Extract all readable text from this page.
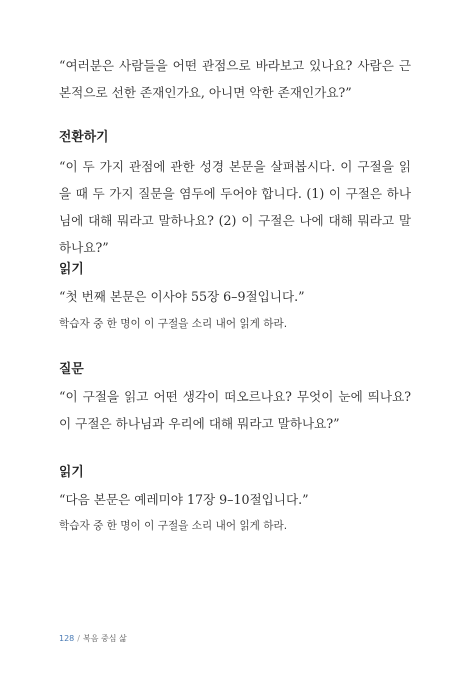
“여러분은 사람들을 어떤 관점으로 바라보고 있나요? 사람은 근본적으로 선한 존재인가요, 아니면 악한 존재인가요?”

전환하기

“이 두 가지 관점에 관한 성경 본문을 살펴봅시다. 이 구절을 읽을 때 두 가지 질문을 염두에 두어야 합니다. (1) 이 구절은 하나님에 대해 뭐라고 말하나요? (2) 이 구절은 나에 대해 뭐라고 말하나요?”

읽기

“첫 번째 본문은 이사야 55장 6–9절입니다.”

학습자 중 한 명이 이 구절을 소리 내어 읽게 하라.

질문

“이 구절을 읽고 어떤 생각이 떠오르나요? 무엇이 눈에 띄나요? 이 구절은 하나님과 우리에 대해 뭐라고 말하나요?”

읽기

“다음 본문은 예레미야 17장 9–10절입니다.”

학습자 중 한 명이 이 구절을 소리 내어 읽게 하라.

128 / 복음 중심 삶
